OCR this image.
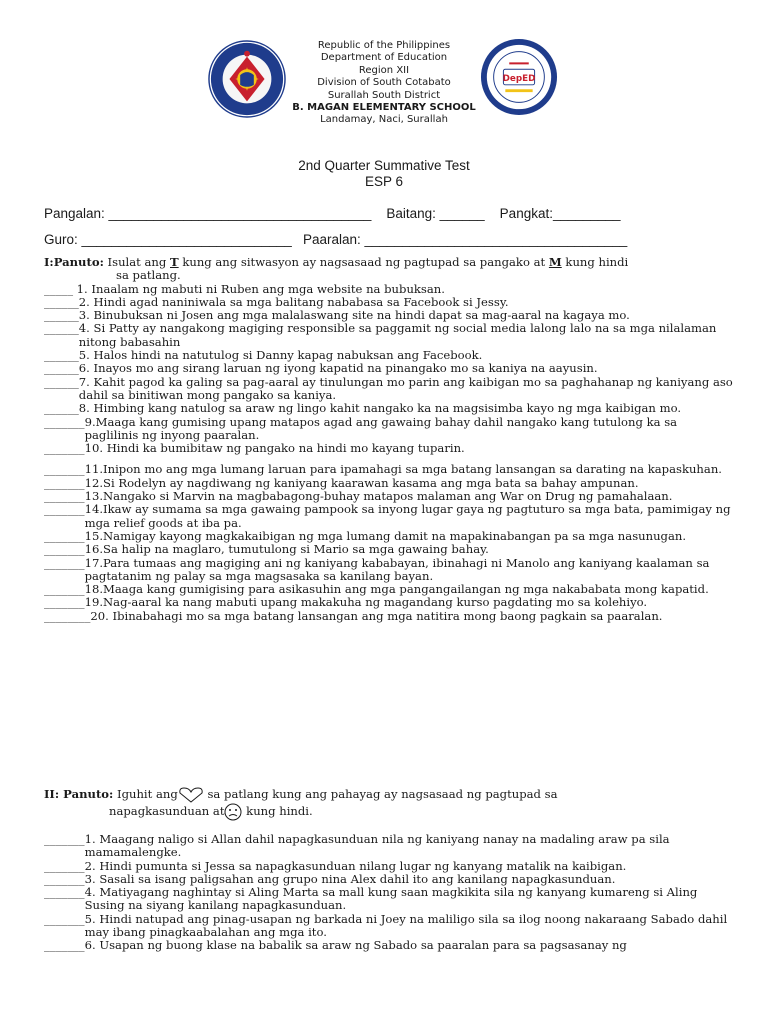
DepED
Republic of the Philippines
Department of Education
Region XII
Division of South Cotabato
Surallah South District
B. MAGAN ELEMENTARY SCHOOL
Landamay, Naci, Surallah
2nd Quarter Summative Test
ESP 6
Pangalan: ___________________________________    Baitang: ______    Pangkat:_________
Guro: ____________________________   Paaralan: ___________________________________
I:Panuto: Isulat ang T kung ang sitwasyon ay nagsasaad ng pagtupad sa pangako at M kung hindi
sa patlang.
_____ 1. Inaalam ng mabuti ni Ruben ang mga website na bubuksan.
______ 2. Hindi agad naniniwala sa mga balitang nababasa sa Facebook si Jessy.
______ 3. Binubuksan ni Josen ang mga malalaswang site na hindi dapat sa mag-aaral na kagaya mo.
______ 4. Si Patty ay nangakong magiging responsible sa paggamit ng social media lalong lalo na sa mga nilalaman nitong babasahin
______ 5. Halos hindi na natutulog si Danny kapag nabuksan ang Facebook.
______ 6. Inayos mo ang sirang laruan ng iyong kapatid na pinangako mo sa kaniya na aayusin.
______ 7. Kahit pagod ka galing sa pag-aaral ay tinulungan mo parin ang kaibigan mo sa paghahanap ng kaniyang aso dahil sa binitiwan mong pangako sa kaniya.
______ 8. Himbing kang natulog sa araw ng lingo kahit nangako ka na magsisimba kayo ng mga kaibigan mo.
_______ 9.Maaga kang gumising upang matapos agad ang gawaing bahay dahil nangako kang tutulong ka sa paglilinis ng inyong paaralan.
_______ 10. Hindi ka bumibitaw ng pangako na hindi mo kayang tuparin.
_______ 11.Inipon mo ang mga lumang laruan para ipamahagi sa mga batang lansangan sa darating na kapaskuhan.
_______ 12.Si Rodelyn ay nagdiwang ng kaniyang kaarawan kasama ang mga bata sa bahay ampunan.
_______ 13.Nangako si Marvin na magbabagong-buhay matapos malaman ang War on Drug ng pamahalaan.
_______ 14.Ikaw ay sumama sa mga gawaing pampook sa inyong lugar gaya ng pagtuturo sa mga bata, pamimigay ng mga relief goods at iba pa.
_______ 15.Namigay kayong magkakaibigan ng mga lumang damit na mapakinabangan pa sa mga nasunugan.
_______ 16.Sa halip na maglaro, tumutulong si Mario sa mga gawaing bahay.
_______ 17.Para tumaas ang magiging ani ng kaniyang kababayan, ibinahagi ni Manolo ang kaniyang kaalaman sa pagtatanim ng palay sa mga magsasaka sa kanilang bayan.
_______ 18.Maaga kang gumigising para asikasuhin ang mga pangangailangan ng mga nakababata mong kapatid.
_______ 19.Nag-aaral ka nang mabuti upang makakuha ng magandang kurso pagdating mo sa kolehiyo.
________ 20. Ibinabahagi mo sa mga batang lansangan ang mga natitira mong baong pagkain sa paaralan.
II: Panuto: Iguhit ang sa patlang kung ang pahayag ay nagsasaad ng pagtupad sa
napagkasunduan at kung hindi.
_______ 1. Maagang naligo si Allan dahil napagkasunduan nila ng kaniyang nanay na madaling araw pa sila mamamalengke.
_______ 2. Hindi pumunta si Jessa sa napagkasunduan nilang lugar ng kanyang matalik na kaibigan.
_______ 3. Sasali sa isang paligsahan ang grupo nina Alex dahil ito ang kanilang napagkasunduan.
_______ 4. Matiyagang naghintay si Aling Marta sa mall kung saan magkikita sila ng kanyang kumareng si Aling Susing na siyang kanilang napagkasunduan.
_______ 5. Hindi natupad ang pinag-usapan ng barkada ni Joey na maliligo sila sa ilog noong nakaraang Sabado dahil may ibang pinagkaabalahan ang mga ito.
_______ 6. Usapan ng buong klase na babalik sa araw ng Sabado sa paaralan para sa pagsasanay ng
